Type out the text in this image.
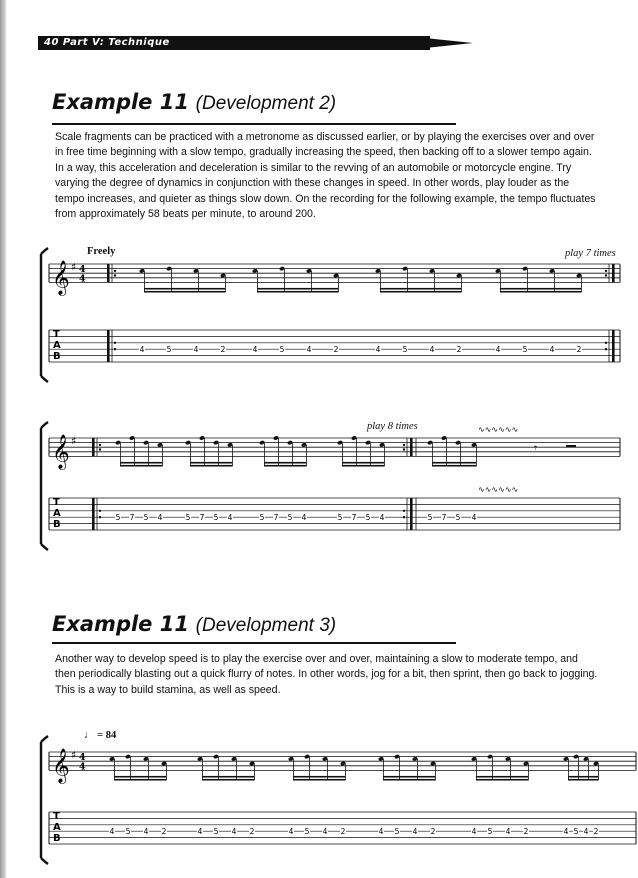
40 Part V: Technique
Example 11 (Development 2)
Scale fragments can be practiced with a metronome as discussed earlier, or by playing the exercises over and over in free time beginning with a slow tempo, gradually increasing the speed, then backing off to a slower tempo again. In a way, this acceleration and deceleration is similar to the revving of an automobile or motorcycle engine. Try varying the degree of dynamics in conjunction with these changes in speed. In other words, play louder as the tempo increases, and quieter as things slow down. On the recording for the following example, the tempo fluctuates from approximately 58 beats per minute, to around 200.
Freely	play 7 times
play 8 times
Example 11 (Development 3)
Another way to develop speed is to play the exercise over and over, maintaining a slow to moderate tempo, and then periodically blasting out a quick flurry of notes. In other words, jog for a bit, then sprint, then go back to jogging. This is a way to build stamina, as well as speed.
♩ = 84
𝄞 ♯ 4
4
T
A
B
4	5	4	2	4	5	4	2	4	5	4	2	4	5	4	2
𝄞 ♯
T
A
B
5 7 5 4	5 7 5 4	5 7 5 4	5 7 5 4	5 7 5 4
𝄾
∿∿∿∿∿∿
∿∿∿∿∿∿
𝄞 ♯ 4
4
T
A
B
4 5 4 2	4 5 4 2	4 5 4 2	4 5 4 2	4 5 4 2	4 5 4 2
